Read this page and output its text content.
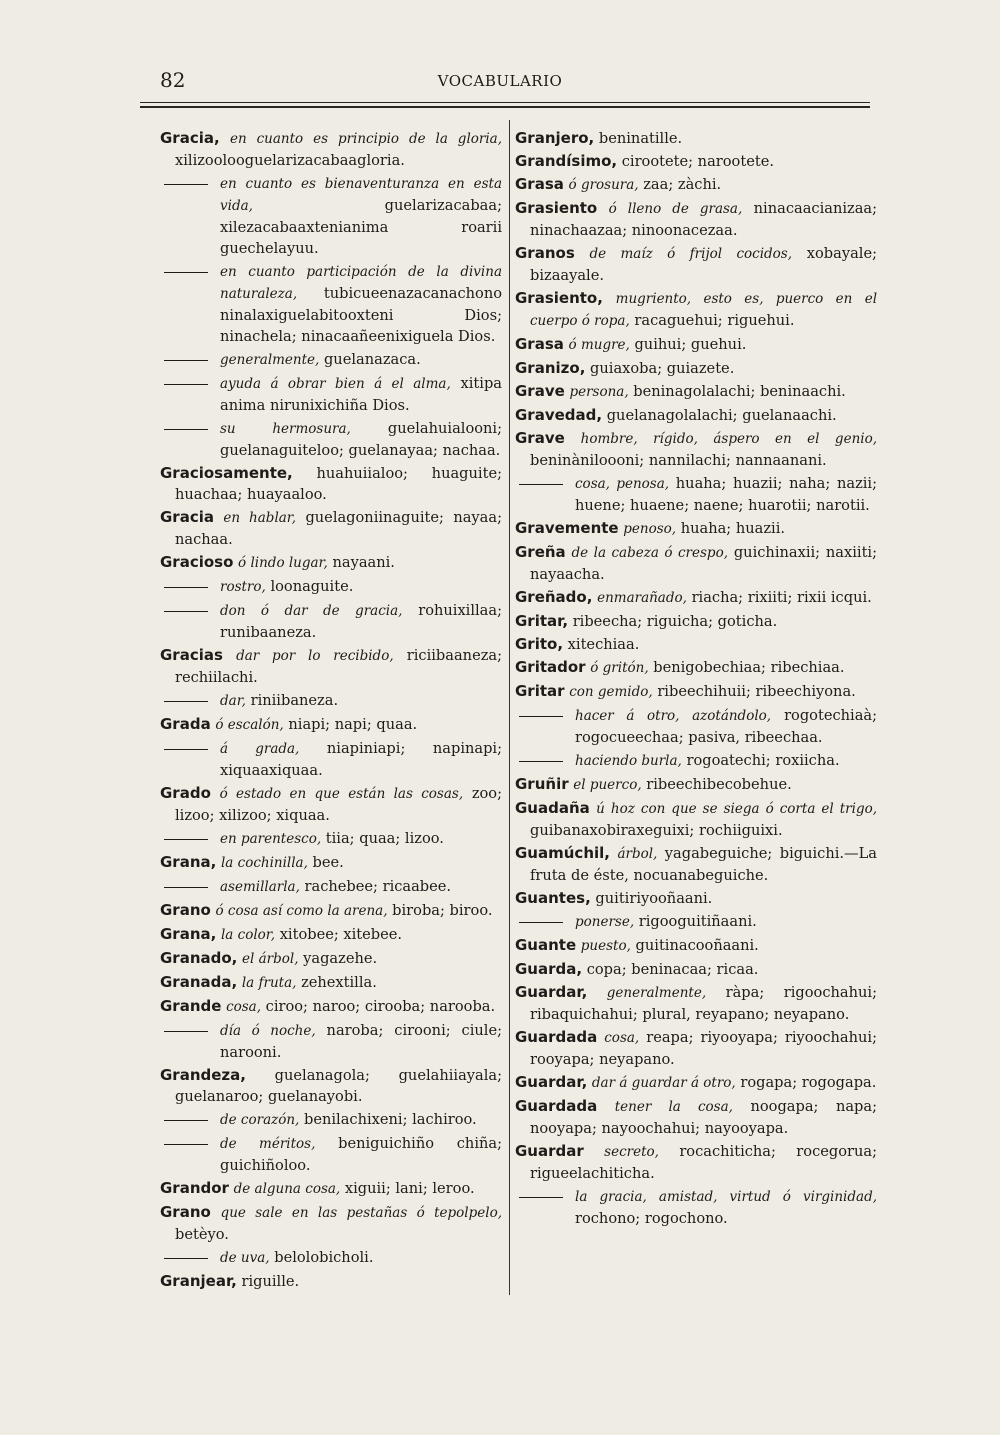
82	VOCABULARIO
Gracia, en cuanto es principio de la gloria, xilizoolooguelarizacabaagloria.
en cuanto es bienaventuranza en esta vida,	guelarizacabaa; xilezacabaaxtenianima roarii guechelayuu.
en cuanto participación de la divina naturaleza, tubicueenazacanachono ninalaxiguelabitooxteni Dios; ninachela; ninacaañeenixiguela Dios.
generalmente, guelanazaca.
ayuda á obrar bien á el alma, xitipa anima niruniхichiña Dios.
su hermosura,	guelahuialooni; guelanaguiteloo; guelanayaa; nachaa.
Graciosamente, huahuiialoo; huaguite; huachaa; huayaaloo.
Gracia en hablar, guelagoniinaguite; nayaa; nachaa.
Gracioso ó lindo lugar, nayaani.
rostro, loonaguite.
don ó dar de gracia, rohuixillaa; runibaaneza.
Gracias dar por lo recibido, riciibaaneza; rechiilachi.
dar, riniibaneza.
Grada ó escalón, niapi; napi; quaa.
á grada, niapiniapi; napinapi; xiquaaxiquaa.
Grado ó estado en que están las cosas, zoo; lizoo; xilizoo; xiquaa.
en parentesco, tiia; quaa; lizoo.
Grana, la cochinilla, bee.
asemillarla, rachebee; ricaabee.
Grano ó cosa así como la arena, biroba; biroo.
Grana, la color, xitobee; xitebee.
Granado, el árbol, yagazehe.
Granada, la fruta, zehextilla.
Grande cosa, ciroo; naroo; cirooba; narooba.
día ó noche, naroba; cirooni; ciule; narooni.
Grandeza, guelanagola; guelahiiayala; guelanaroo; guelanayobi.
de corazón, benilachixeni; lachiroo.
de méritos, beniguichiño chiña; guichiñoloo.
Grandor de alguna cosa, xiguii; lani; leroo.
Grano que sale en las pestañas ó tepolpelo, betèyo.
de uva, belolobicholi.
Granjear, riguille.
Granjero, beninatille.
Grandísimo, cirootete; narootete.
Grasa ó grosura, zaa; zàchi.
Grasiento ó lleno de grasa, ninacaacianizaa; ninachaazaa; ninoonacezaa.
Granos de maíz ó frijol cocidos, xobayale; bizaayale.
Grasiento, mugriento, esto es, puerco en el cuerpo ó ropa, racaguehui; riguehui.
Grasa ó mugre, guihui; guehui.
Granizo, guiaxoba; guiazete.
Grave persona, beninagolalachi; beninaachi.
Gravedad, guelanagolalachi; guelanaachi.
Grave hombre, rígido, áspero en el genio, beninàniloooni; nannilachi; nannaanani.
cosa, penosa, huaha; huazii; naha; nazii; huene; huaene; naene; huarotii; narotii.
Gravemente penoso, huaha; huazii.
Greña de la cabeza ó crespo, guichinaxii; naxiiti; nayaacha.
Greñado, enmarañado, riacha; rixiiti; rixii icqui.
Gritar, ribeecha; riguicha; goticha.
Grito, xitechiaa.
Gritador ó gritón, benigobechiaa; ribechiaa.
Gritar con gemido, ribeechihuii; ribeechiyona.
hacer á otro, azotándolo, rogotechiaà; rogocueechaa; pasiva, ribeechaa.
haciendo burla, rogoatechi; roxiicha.
Gruñir el puerco, ribeechibecobehue.
Guadaña ú hoz con que se siega ó corta el trigo, guibanaxobiraxeguixi; rochiiguixi.
Guamúchil, árbol, yagabeguiche; biguichi.—La fruta de éste, nocuanabeguiche.
Guantes, guitiriyooñaani.
ponerse, rigooguitiñaani.
Guante puesto, guitinacooñaani.
Guarda, copa; beninacaa; ricaa.
Guardar, generalmente, ràpa; rigoochahui; ribaquichahui; plural, reyapano; neyapano.
Guardada cosa, reapa; riyooyapa; riyoochahui; rooyapa; neyapano.
Guardar, dar á guardar á otro, rogapa; rogogapa.
Guardada tener la cosa, noogapa; napa; nooyapa; nayoochahui; nayooyapa.
Guardar secreto, rocachiticha; rocegorua; rigueelachiticha.
la gracia, amistad, virtud ó virginidad, rochono; rogochono.
